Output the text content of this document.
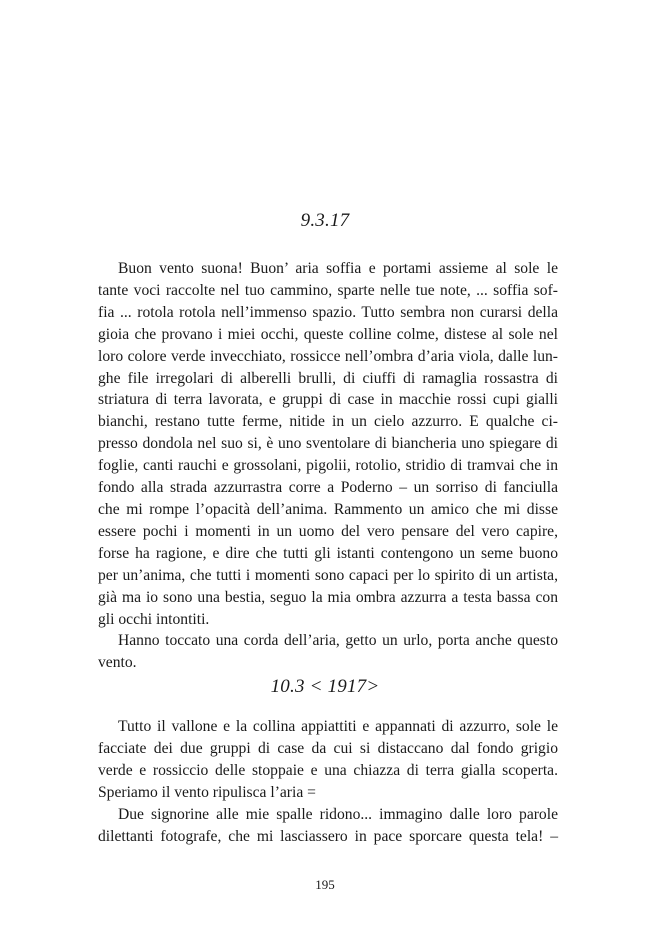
9.3.17
Buon vento suona! Buon’ aria soffia e portami assieme al sole le
tante voci raccolte nel tuo cammino, sparte nelle tue note, ... soffia sof-
fia ... rotola rotola nell’immenso spazio. Tutto sembra non curarsi della
gioia che provano i miei occhi, queste colline colme, distese al sole nel
loro colore verde invecchiato, rossicce nell’ombra d’aria viola, dalle lun-
ghe file irregolari di alberelli brulli, di ciuffi di ramaglia rossastra di
striatura di terra lavorata, e gruppi di case in macchie rossi cupi gialli
bianchi, restano tutte ferme, nitide in un cielo azzurro. E qualche ci-
presso dondola nel suo si, è uno sventolare di biancheria uno spiegare di
foglie, canti rauchi e grossolani, pigolii, rotolio, stridio di tramvai che in
fondo alla strada azzurrastra corre a Poderno – un sorriso di fanciulla
che mi rompe l’opacità dell’anima. Rammento un amico che mi disse
essere pochi i momenti in un uomo del vero pensare del vero capire,
forse ha ragione, e dire che tutti gli istanti contengono un seme buono
per un’anima, che tutti i momenti sono capaci per lo spirito di un artista,
già ma io sono una bestia, seguo la mia ombra azzurra a testa bassa con
gli occhi intontiti.
Hanno toccato una corda dell’aria, getto un urlo, porta anche questo
vento.
10.3 < 1917>
Tutto il vallone e la collina appiattiti e appannati di azzurro, sole le
facciate dei due gruppi di case da cui si distaccano dal fondo grigio
verde e rossiccio delle stoppaie e una chiazza di terra gialla scoperta.
Speriamo il vento ripulisca l’aria =
Due signorine alle mie spalle ridono... immagino dalle loro parole
dilettanti fotografe, che mi lasciassero in pace sporcare questa tela! –
195
